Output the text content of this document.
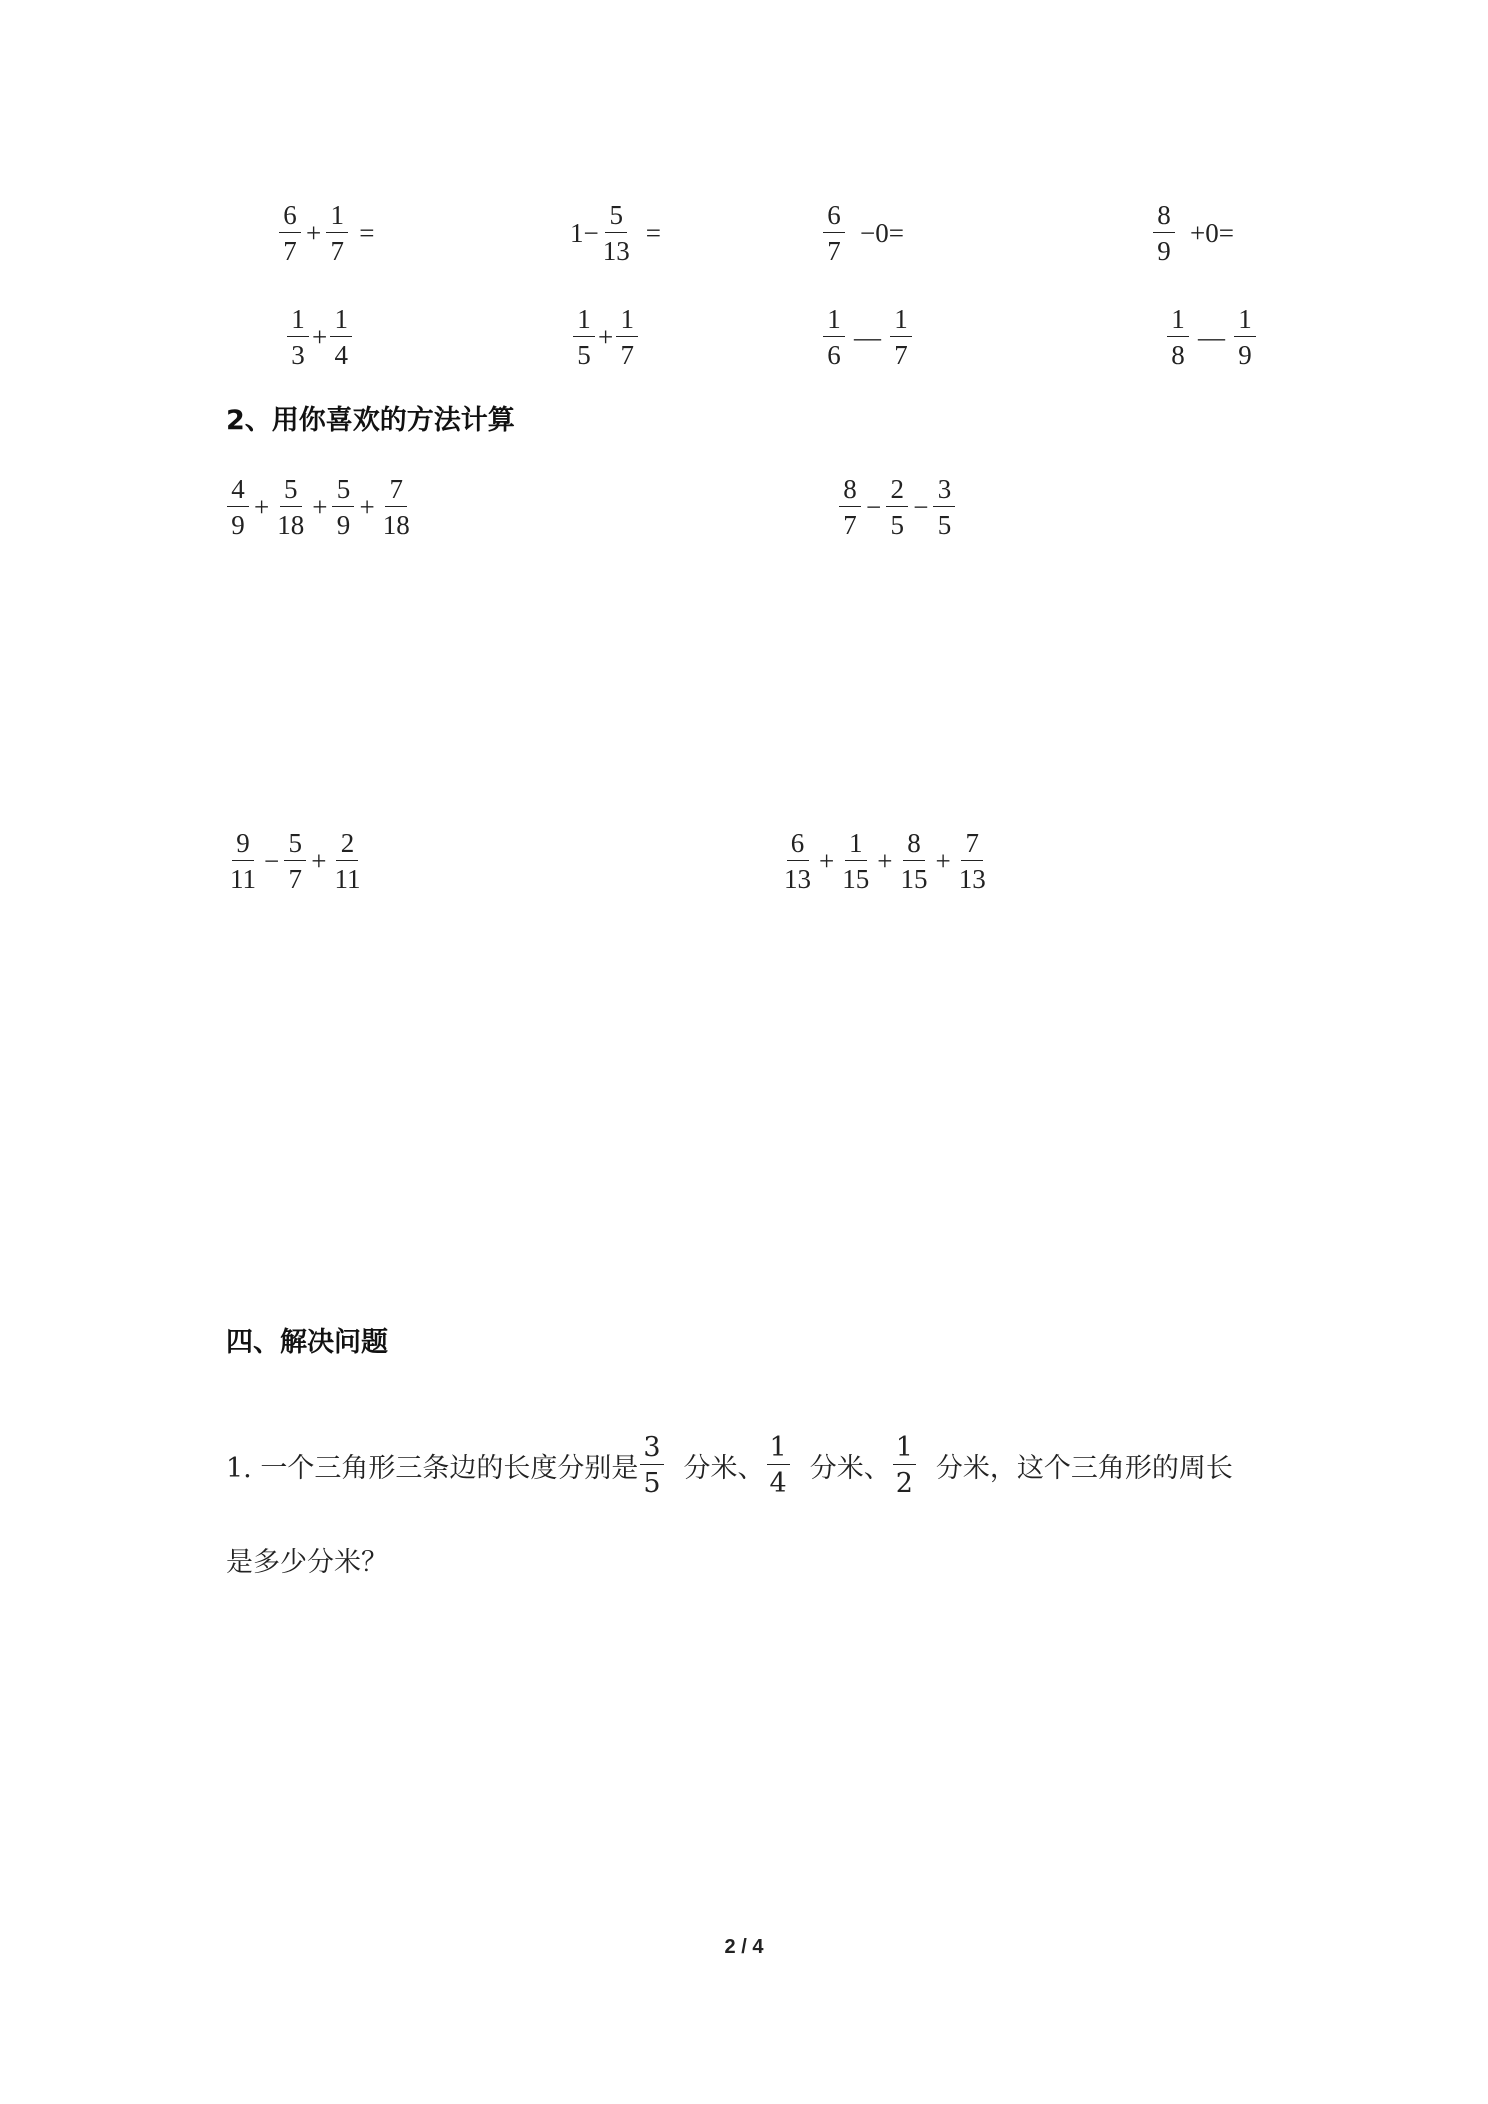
$\frac{6}{7} + \frac{1}{7}$ =	$1- \frac{5}{13}$ =	$\frac{6}{7} -0=$	$\frac{8}{9} +0=$
$\frac{1}{3} + \frac{1}{4}$	$\frac{1}{5} + \frac{1}{7}$	$\frac{1}{6}$ — $\frac{1}{7}$	$\frac{1}{8}$ — $\frac{1}{9}$
2、用你喜欢的方法计算
$\frac{4}{9} + \frac{5}{18} + \frac{5}{9} + \frac{7}{18}$	$\frac{8}{7} - \frac{2}{5} - \frac{3}{5}$
$\frac{9}{11} - \frac{5}{7} + \frac{2}{11}$	$\frac{6}{13} + \frac{1}{15} + \frac{8}{15} + \frac{7}{13}$
四、解决问题
1. 一个三角形三条边的长度分别是 $\frac{3}{5}$ 分米、 $\frac{1}{4}$ 分米、 $\frac{1}{2}$ 分米，这个三角形的周长
是多少分米？
2 / 4
